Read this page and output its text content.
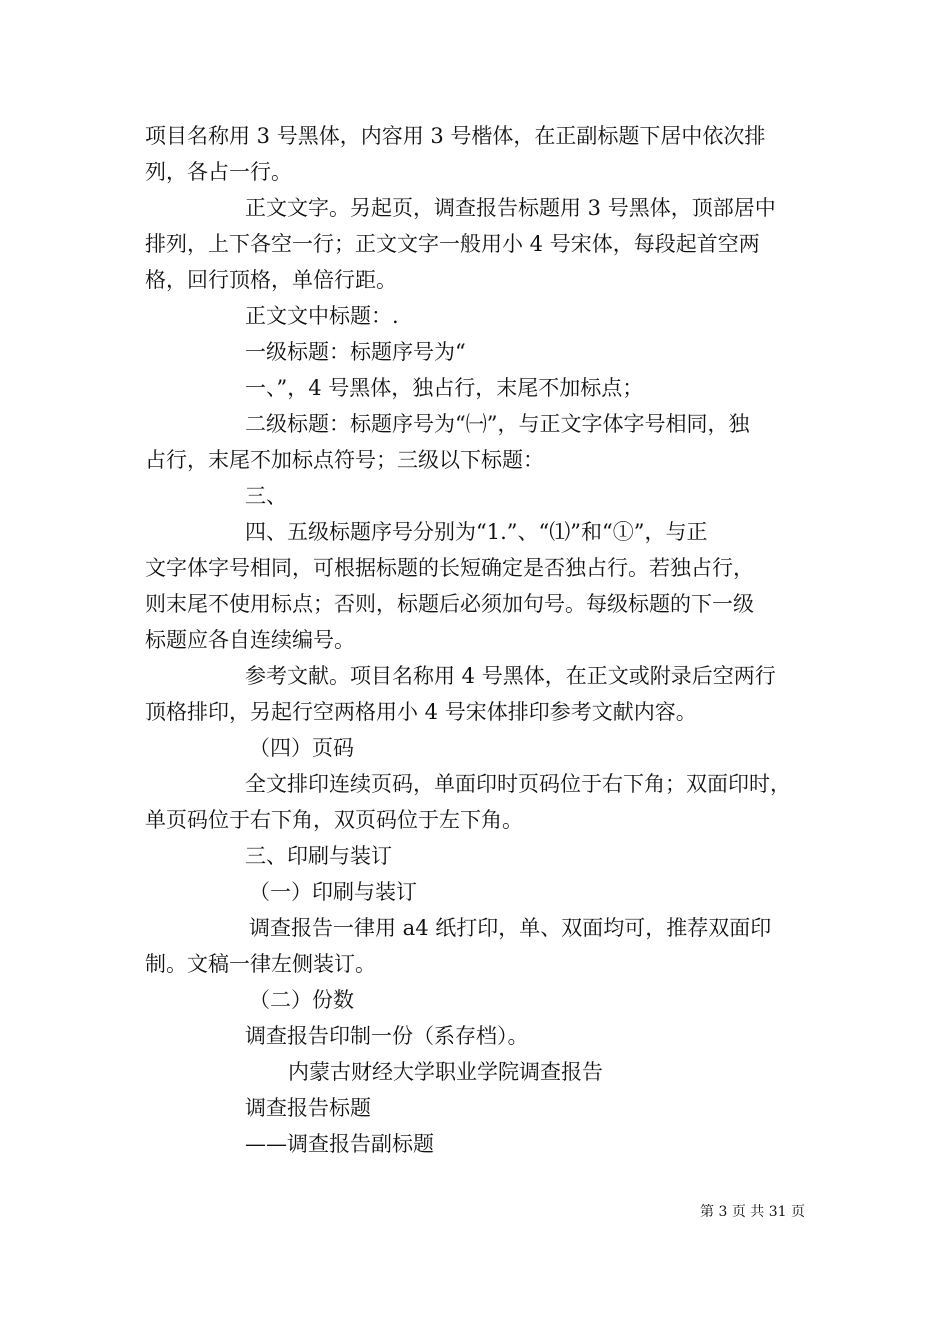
项目名称用 3 号黑体，内容用 3 号楷体，在正副标题下居中依次排
列，各占一行。
正文文字。另起页，调查报告标题用 3 号黑体，顶部居中
排列，上下各空一行；正文文字一般用小 4 号宋体，每段起首空两
格，回行顶格，单倍行距。
正文文中标题：.
一级标题：标题序号为“
一、”，4 号黑体，独占行，末尾不加标点；
二级标题：标题序号为“㈠”，与正文字体字号相同，独
占行，末尾不加标点符号；三级以下标题：
三、
四、五级标题序号分别为“1.”、“⑴”和“①”，与正
文字体字号相同，可根据标题的长短确定是否独占行。若独占行，
则末尾不使用标点；否则，标题后必须加句号。每级标题的下一级
标题应各自连续编号。
参考文献。项目名称用 4 号黑体，在正文或附录后空两行
顶格排印，另起行空两格用小 4 号宋体排印参考文献内容。
（四）页码
全文排印连续页码，单面印时页码位于右下角；双面印时，
单页码位于右下角，双页码位于左下角。
三、印刷与装订
（一）印刷与装订
调查报告一律用 a4 纸打印，单、双面均可，推荐双面印
制。文稿一律左侧装订。
（二）份数
调查报告印制一份（系存档）。
内蒙古财经大学职业学院调查报告
调查报告标题
——调查报告副标题
第 3 页 共 31 页
